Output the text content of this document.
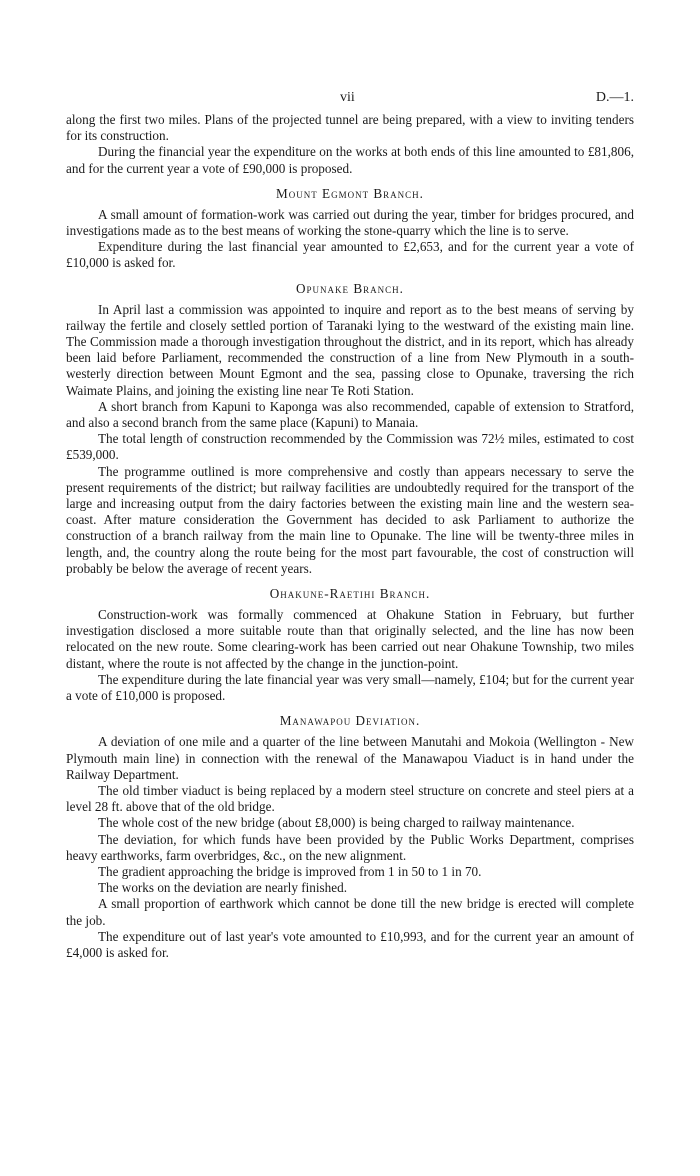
vii	D.—1.

along the first two miles. Plans of the projected tunnel are being prepared, with a view to inviting tenders for its construction.

During the financial year the expenditure on the works at both ends of this line amounted to £81,806, and for the current year a vote of £90,000 is proposed.

Mount Egmont Branch.

A small amount of formation-work was carried out during the year, timber for bridges procured, and investigations made as to the best means of working the stone-quarry which the line is to serve.

Expenditure during the last financial year amounted to £2,653, and for the current year a vote of £10,000 is asked for.

Opunake Branch.

In April last a commission was appointed to inquire and report as to the best means of serving by railway the fertile and closely settled portion of Taranaki lying to the westward of the existing main line. The Commission made a thorough investigation throughout the district, and in its report, which has already been laid before Parliament, recommended the construction of a line from New Plymouth in a south-westerly direction between Mount Egmont and the sea, passing close to Opunake, traversing the rich Waimate Plains, and joining the existing line near Te Roti Station.

A short branch from Kapuni to Kaponga was also recommended, capable of extension to Stratford, and also a second branch from the same place (Kapuni) to Manaia.

The total length of construction recommended by the Commission was 72½ miles, estimated to cost £539,000.

The programme outlined is more comprehensive and costly than appears necessary to serve the present requirements of the district; but railway facilities are undoubtedly required for the transport of the large and increasing output from the dairy factories between the existing main line and the western sea-coast. After mature consideration the Government has decided to ask Parliament to authorize the construction of a branch railway from the main line to Opunake. The line will be twenty-three miles in length, and, the country along the route being for the most part favourable, the cost of construction will probably be below the average of recent years.

Ohakune-Raetihi Branch.

Construction-work was formally commenced at Ohakune Station in February, but further investigation disclosed a more suitable route than that originally selected, and the line has now been relocated on the new route. Some clearing-work has been carried out near Ohakune Township, two miles distant, where the route is not affected by the change in the junction-point.

The expenditure during the late financial year was very small—namely, £104; but for the current year a vote of £10,000 is proposed.

Manawapou Deviation.

A deviation of one mile and a quarter of the line between Manutahi and Mokoia (Wellington - New Plymouth main line) in connection with the renewal of the Manawapou Viaduct is in hand under the Railway Department.

The old timber viaduct is being replaced by a modern steel structure on concrete and steel piers at a level 28 ft. above that of the old bridge.

The whole cost of the new bridge (about £8,000) is being charged to railway maintenance.

The deviation, for which funds have been provided by the Public Works Department, comprises heavy earthworks, farm overbridges, &c., on the new alignment.

The gradient approaching the bridge is improved from 1 in 50 to 1 in 70.

The works on the deviation are nearly finished.

A small proportion of earthwork which cannot be done till the new bridge is erected will complete the job.

The expenditure out of last year's vote amounted to £10,993, and for the current year an amount of £4,000 is asked for.
